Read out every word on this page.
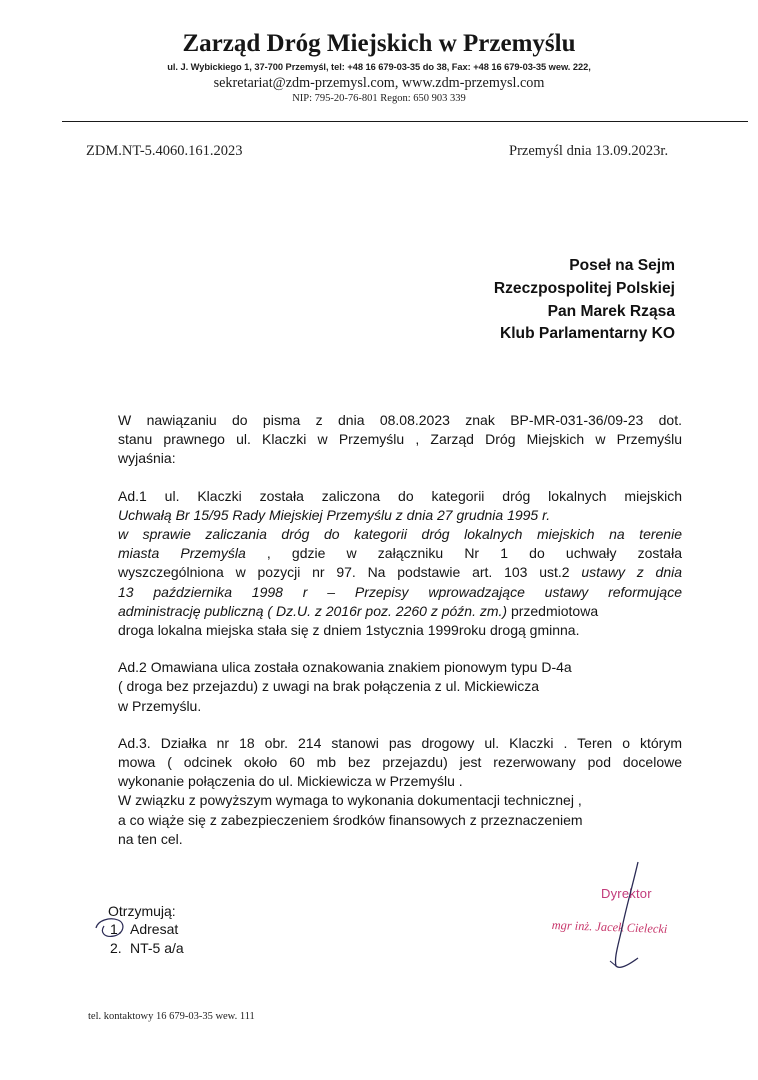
Zarząd Dróg Miejskich w Przemyślu
ul. J. Wybickiego 1, 37-700 Przemyśl, tel: +48 16 679-03-35 do 38, Fax: +48 16 679-03-35 wew. 222,
sekretariat@zdm-przemysl.com, www.zdm-przemysl.com
NIP: 795-20-76-801 Regon: 650 903 339
ZDM.NT-5.4060.161.2023	Przemyśl dnia 13.09.2023r.
Poseł na Sejm
Rzeczpospolitej Polskiej
Pan Marek Rząsa
Klub Parlamentarny KO
W nawiązaniu do pisma z dnia 08.08.2023 znak BP-MR-031-36/09-23 dot.
stanu prawnego ul. Klaczki w Przemyślu , Zarząd Dróg Miejskich w Przemyślu
wyjaśnia:
Ad.1 ul. Klaczki została zaliczona do kategorii dróg lokalnych miejskich
Uchwałą Br 15/95 Rady Miejskiej Przemyślu z dnia 27 grudnia 1995 r.
w sprawie zaliczania dróg do kategorii dróg lokalnych miejskich na terenie
miasta Przemyśla , gdzie w załączniku Nr 1 do uchwały została
wyszczególniona w pozycji nr 97. Na podstawie art. 103 ust.2 ustawy z dnia
13 października 1998 r – Przepisy wprowadzające ustawy reformujące
administrację publiczną ( Dz.U. z 2016r poz. 2260 z późn. zm.) przedmiotowa
droga lokalna miejska stała się z dniem 1stycznia 1999roku drogą gminna.
Ad.2 Omawiana ulica została oznakowania znakiem pionowym typu D-4a
( droga bez przejazdu) z uwagi na brak połączenia z ul. Mickiewicza
w Przemyślu.
Ad.3. Działka nr 18 obr. 214 stanowi pas drogowy ul. Klaczki . Teren o którym
mowa ( odcinek około 60 mb bez przejazdu) jest rezerwowany pod docelowe
wykonanie połączenia do ul. Mickiewicza w Przemyślu .
W związku z powyższym wymaga to wykonania dokumentacji technicznej ,
a co wiąże się z zabezpieczeniem środków finansowych z przeznaczeniem
na ten cel.
Dyrektor
mgr inż. Jacek Cielecki
Otrzymują:
1. Adresat
2. NT-5 a/a
tel. kontaktowy 16 679-03-35 wew. 111
